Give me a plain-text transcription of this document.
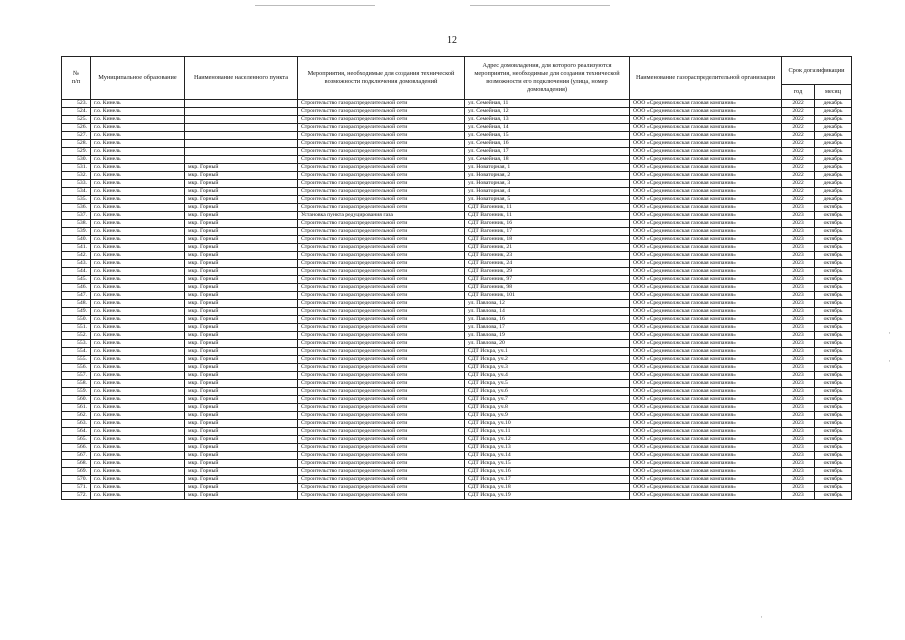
12
№
п/п	Муниципальное образование	Наименование населенного пункта	Мероприятия, необходимые для создания технической возможности подключения домовладений	Адрес домовладения, для которого реализуются мероприятия, необходимые для создания технической возможности его подключения (улица, номер домовладения)	Наименование газораспределительной организации	Срок догазификации	
						год	месяц
523.	г.о. Кинель		Строительство газораспределительной сети	ул. Семейная, 11	ООО «Средневолжская газовая компания»	2022	декабрь
524.	г.о. Кинель		Строительство газораспределительной сети	ул. Семейная, 12	ООО «Средневолжская газовая компания»	2022	декабрь
525.	г.о. Кинель		Строительство газораспределительной сети	ул. Семейная, 13	ООО «Средневолжская газовая компания»	2022	декабрь
526.	г.о. Кинель		Строительство газораспределительной сети	ул. Семейная, 14	ООО «Средневолжская газовая компания»	2022	декабрь
527.	г.о. Кинель		Строительство газораспределительной сети	ул. Семейная, 15	ООО «Средневолжская газовая компания»	2022	декабрь
528.	г.о. Кинель		Строительство газораспределительной сети	ул. Семейная, 16	ООО «Средневолжская газовая компания»	2022	декабрь
529.	г.о. Кинель		Строительство газораспределительной сети	ул. Семейная, 17	ООО «Средневолжская газовая компания»	2022	декабрь
530.	г.о. Кинель		Строительство газораспределительной сети	ул. Семейная, 18	ООО «Средневолжская газовая компания»	2022	декабрь
531.	г.о. Кинель	мкр. Горный	Строительство газораспределительной сети	ул. Новаторная, 1	ООО «Средневолжская газовая компания»	2022	декабрь
532.	г.о. Кинель	мкр. Горный	Строительство газораспределительной сети	ул. Новаторная, 2	ООО «Средневолжская газовая компания»	2022	декабрь
533.	г.о. Кинель	мкр. Горный	Строительство газораспределительной сети	ул. Новаторная, 3	ООО «Средневолжская газовая компания»	2022	декабрь
534.	г.о. Кинель	мкр. Горный	Строительство газораспределительной сети	ул. Новаторная, 4	ООО «Средневолжская газовая компания»	2022	декабрь
535.	г.о. Кинель	мкр. Горный	Строительство газораспределительной сети	ул. Новаторная, 5	ООО «Средневолжская газовая компания»	2022	декабрь
536.	г.о. Кинель	мкр. Горный	Строительство газораспределительной сети	СДТ Вагонник, 11	ООО «Средневолжская газовая компания»	2023	октябрь
537.	г.о. Кинель	мкр. Горный	Установка пункта редуцирования газа	СДТ Вагонник, 11	ООО «Средневолжская газовая компания»	2023	октябрь
538.	г.о. Кинель	мкр. Горный	Строительство газораспределительной сети	СДТ Вагонник, 16	ООО «Средневолжская газовая компания»	2023	октябрь
539.	г.о. Кинель	мкр. Горный	Строительство газораспределительной сети	СДТ Вагонник, 17	ООО «Средневолжская газовая компания»	2023	октябрь
540.	г.о. Кинель	мкр. Горный	Строительство газораспределительной сети	СДТ Вагонник, 18	ООО «Средневолжская газовая компания»	2023	октябрь
541.	г.о. Кинель	мкр. Горный	Строительство газораспределительной сети	СДТ Вагонник, 21	ООО «Средневолжская газовая компания»	2023	октябрь
542.	г.о. Кинель	мкр. Горный	Строительство газораспределительной сети	СДТ Вагонник, 23	ООО «Средневолжская газовая компания»	2023	октябрь
543.	г.о. Кинель	мкр. Горный	Строительство газораспределительной сети	СДТ Вагонник, 24	ООО «Средневолжская газовая компания»	2023	октябрь
544.	г.о. Кинель	мкр. Горный	Строительство газораспределительной сети	СДТ Вагонник, 29	ООО «Средневолжская газовая компания»	2023	октябрь
545.	г.о. Кинель	мкр. Горный	Строительство газораспределительной сети	СДТ Вагонник, 97	ООО «Средневолжская газовая компания»	2023	октябрь
546.	г.о. Кинель	мкр. Горный	Строительство газораспределительной сети	СДТ Вагонник, 98	ООО «Средневолжская газовая компания»	2023	октябрь
547.	г.о. Кинель	мкр. Горный	Строительство газораспределительной сети	СДТ Вагонник, 101	ООО «Средневолжская газовая компания»	2023	октябрь
548.	г.о. Кинель	мкр. Горный	Строительство газораспределительной сети	ул. Павлова, 12	ООО «Средневолжская газовая компания»	2023	октябрь
549.	г.о. Кинель	мкр. Горный	Строительство газораспределительной сети	ул. Павлова, 14	ООО «Средневолжская газовая компания»	2023	октябрь
550.	г.о. Кинель	мкр. Горный	Строительство газораспределительной сети	ул. Павлова, 16	ООО «Средневолжская газовая компания»	2023	октябрь
551.	г.о. Кинель	мкр. Горный	Строительство газораспределительной сети	ул. Павлова, 17	ООО «Средневолжская газовая компания»	2023	октябрь
552.	г.о. Кинель	мкр. Горный	Строительство газораспределительной сети	ул. Павлова, 19	ООО «Средневолжская газовая компания»	2023	октябрь
553.	г.о. Кинель	мкр. Горный	Строительство газораспределительной сети	ул. Павлова, 20	ООО «Средневолжская газовая компания»	2023	октябрь
554.	г.о. Кинель	мкр. Горный	Строительство газораспределительной сети	СДТ Искра, уч.1	ООО «Средневолжская газовая компания»	2023	октябрь
555.	г.о. Кинель	мкр. Горный	Строительство газораспределительной сети	СДТ Искра, уч.2	ООО «Средневолжская газовая компания»	2023	октябрь
556.	г.о. Кинель	мкр. Горный	Строительство газораспределительной сети	СДТ Искра, уч.3	ООО «Средневолжская газовая компания»	2023	октябрь
557.	г.о. Кинель	мкр. Горный	Строительство газораспределительной сети	СДТ Искра, уч.4	ООО «Средневолжская газовая компания»	2023	октябрь
558.	г.о. Кинель	мкр. Горный	Строительство газораспределительной сети	СДТ Искра, уч.5	ООО «Средневолжская газовая компания»	2023	октябрь
559.	г.о. Кинель	мкр. Горный	Строительство газораспределительной сети	СДТ Искра, уч.6	ООО «Средневолжская газовая компания»	2023	октябрь
560.	г.о. Кинель	мкр. Горный	Строительство газораспределительной сети	СДТ Искра, уч.7	ООО «Средневолжская газовая компания»	2023	октябрь
561.	г.о. Кинель	мкр. Горный	Строительство газораспределительной сети	СДТ Искра, уч.8	ООО «Средневолжская газовая компания»	2023	октябрь
562.	г.о. Кинель	мкр. Горный	Строительство газораспределительной сети	СДТ Искра, уч.9	ООО «Средневолжская газовая компания»	2023	октябрь
563.	г.о. Кинель	мкр. Горный	Строительство газораспределительной сети	СДТ Искра, уч.10	ООО «Средневолжская газовая компания»	2023	октябрь
564.	г.о. Кинель	мкр. Горный	Строительство газораспределительной сети	СДТ Искра, уч.11	ООО «Средневолжская газовая компания»	2023	октябрь
565.	г.о. Кинель	мкр. Горный	Строительство газораспределительной сети	СДТ Искра, уч.12	ООО «Средневолжская газовая компания»	2023	октябрь
566.	г.о. Кинель	мкр. Горный	Строительство газораспределительной сети	СДТ Искра, уч.13	ООО «Средневолжская газовая компания»	2023	октябрь
567.	г.о. Кинель	мкр. Горный	Строительство газораспределительной сети	СДТ Искра, уч.14	ООО «Средневолжская газовая компания»	2023	октябрь
568.	г.о. Кинель	мкр. Горный	Строительство газораспределительной сети	СДТ Искра, уч.15	ООО «Средневолжская газовая компания»	2023	октябрь
569.	г.о. Кинель	мкр. Горный	Строительство газораспределительной сети	СДТ Искра, уч.16	ООО «Средневолжская газовая компания»	2023	октябрь
570.	г.о. Кинель	мкр. Горный	Строительство газораспределительной сети	СДТ Искра, уч.17	ООО «Средневолжская газовая компания»	2023	октябрь
571.	г.о. Кинель	мкр. Горный	Строительство газораспределительной сети	СДТ Искра, уч.18	ООО «Средневолжская газовая компания»	2023	октябрь
572.	г.о. Кинель	мкр. Горный	Строительство газораспределительной сети	СДТ Искра, уч.19	ООО «Средневолжская газовая компания»	2023	октябрь
·
·
·
